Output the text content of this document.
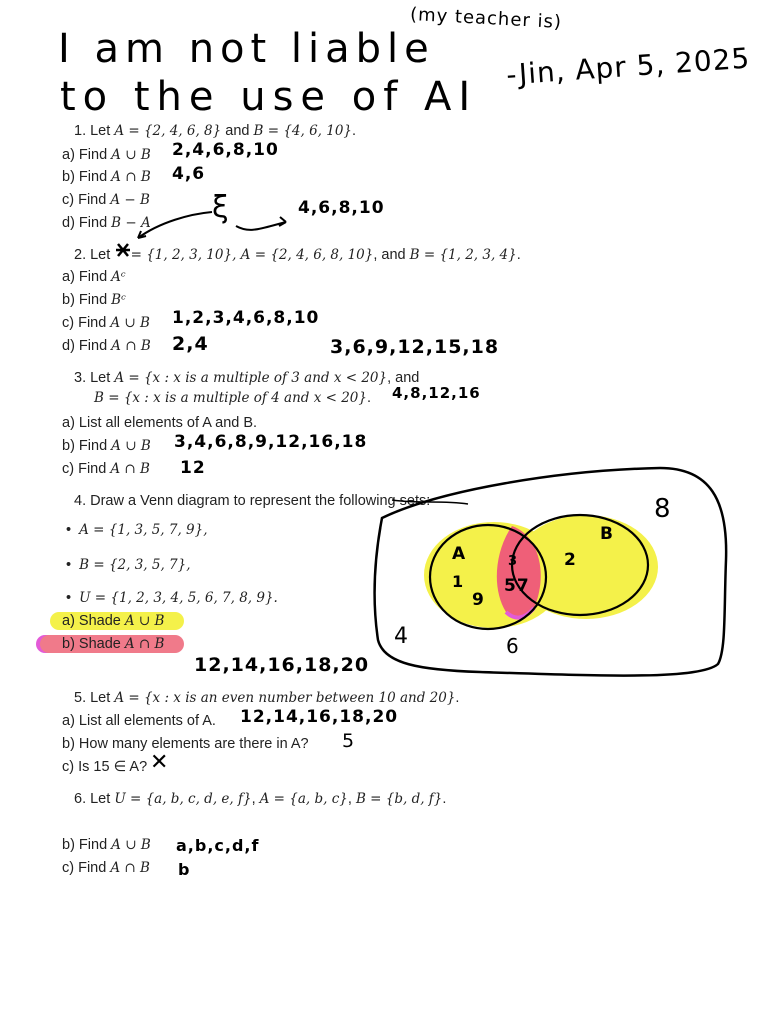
I am not liable
to the use of AI
(my teacher is)
-Jin, Apr 5, 2025
1. Let A = {2, 4, 6, 8} and B = {4, 6, 10}.
a) Find A ∪ B 2,4,6,8,10
b) Find A ∩ B 4,6
c) Find A − B
d) Find B − A ξ	4,6,8,10
2. Let  = {1, 2, 3, 10}, A = {2, 4, 6, 8, 10}, and B = {1, 2, 3, 4}.
a) Find Aᶜ
b) Find Bᶜ
c) Find A ∪ B 1,2,3,4,6,8,10
d) Find A ∩ B 2,4	3,6,9,12,15,18
3. Let A = {x : x is a multiple of 3 and x < 20}, and
B = {x : x is a multiple of 4 and x < 20}. 4,8,12,16
a) List all elements of A and B.
b) Find A ∪ B 3,4,6,8,9,12,16,18
c) Find A ∩ B 12
4. Draw a Venn diagram to represent the following sets:
•  A = {1, 3, 5, 7, 9},
•  B = {2, 3, 5, 7},
•  U = {1, 2, 3, 4, 5, 6, 7, 8, 9}.
a) Shade A ∪ B
b) Shade A ∩ B
8
A
B
1
9
3
57
2
4	6
12,14,16,18,20
5. Let A = {x : x is an even number between 10 and 20}.
a) List all elements of A. 12,14,16,18,20
b) How many elements are there in A? 5
c) Is 15 ∈ A? ✕
6. Let U = {a, b, c, d, e, f}, A = {a, b, c}, B = {b, d, f}.
b) Find A ∪ B a,b,c,d,f
c) Find A ∩ B b
